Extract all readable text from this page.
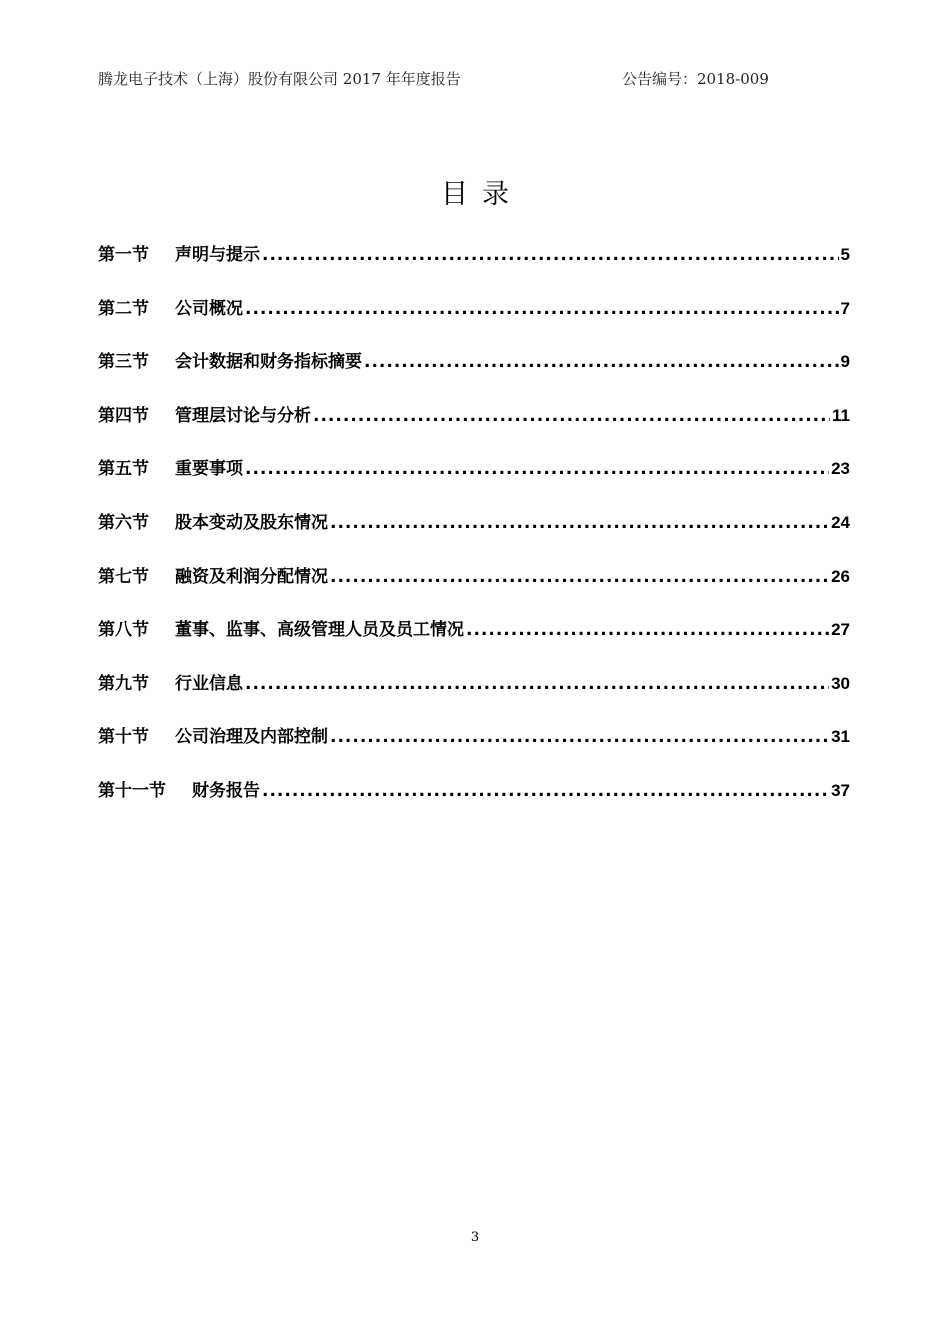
腾龙电子技术（上海）股份有限公司 2017 年年度报告	公告编号：2018-009
目录
第一节 声明与提示 .....	5
第二节 公司概况 .....	7
第三节 会计数据和财务指标摘要 .....	9
第四节 管理层讨论与分析 .....	11
第五节 重要事项 .....	23
第六节 股本变动及股东情况 .....	24
第七节 融资及利润分配情况 .....	26
第八节 董事、监事、高级管理人员及员工情况 .....	27
第九节 行业信息 .....	30
第十节 公司治理及内部控制 .....	31
第十一节 财务报告 .....	37
3
